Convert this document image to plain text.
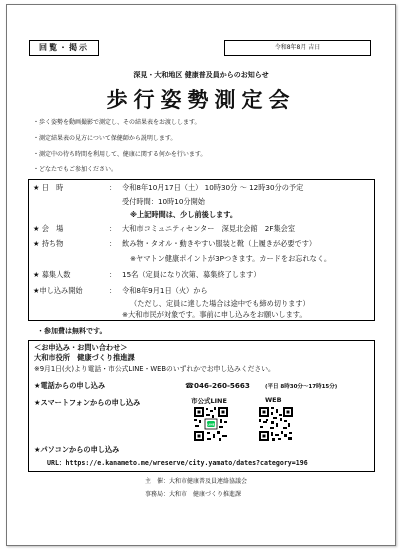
回覧・掲示	令和8年8月 吉日
深見・大和地区 健康普及員からのお知らせ
歩行姿勢測定会
・歩く姿勢を動画撮影で測定し、その結果表をお渡しします。
・測定結果表の見方について保健師から説明します。
・測定中の待ち時間を利用して、健康に関する何かを行います。
・どなたでもご参加ください。
★ 日　時	： 令和8年10月17日（土） 10時30分 ～ 12時30分の予定
受付時間：10時10分開始
※上記時間は、少し前後します。
★ 会　場	： 大和市コミュニティセンター　深見北会館　2F集会室
★ 持ち物	： 飲み物・タオル・動きやすい服装と靴（上履きが必要です）
※ヤマトン健康ポイントが3Pつきます。カードをお忘れなく。
★ 募集人数	： 15名（定員になり次第、募集終了します）
★申し込み開始	： 令和8年9月1日（火）から
（ただし、定員に達した場合は途中でも締め切ります）
※大和市民が対象です。事前に申し込みをお願いします。
・参加費は無料です。
＜お申込み・お問い合わせ＞
大和市役所　健康づくり推進課
※9月1日(火)より電話・市公式LINE・WEBのいずれかでお申し込みください。
★電話からの申し込み	☎046-260-5663	(平日 8時30分～17時15分)
★スマートフォンからの申し込み	市公式LINE	WEB
LINE
★パソコンからの申し込み
URL：https://e.kanameto.me/wreserve/city.yamato/dates?category=196
主　催：大和市健康普及員連絡協議会
事務局：大和市　健康づくり推進課
